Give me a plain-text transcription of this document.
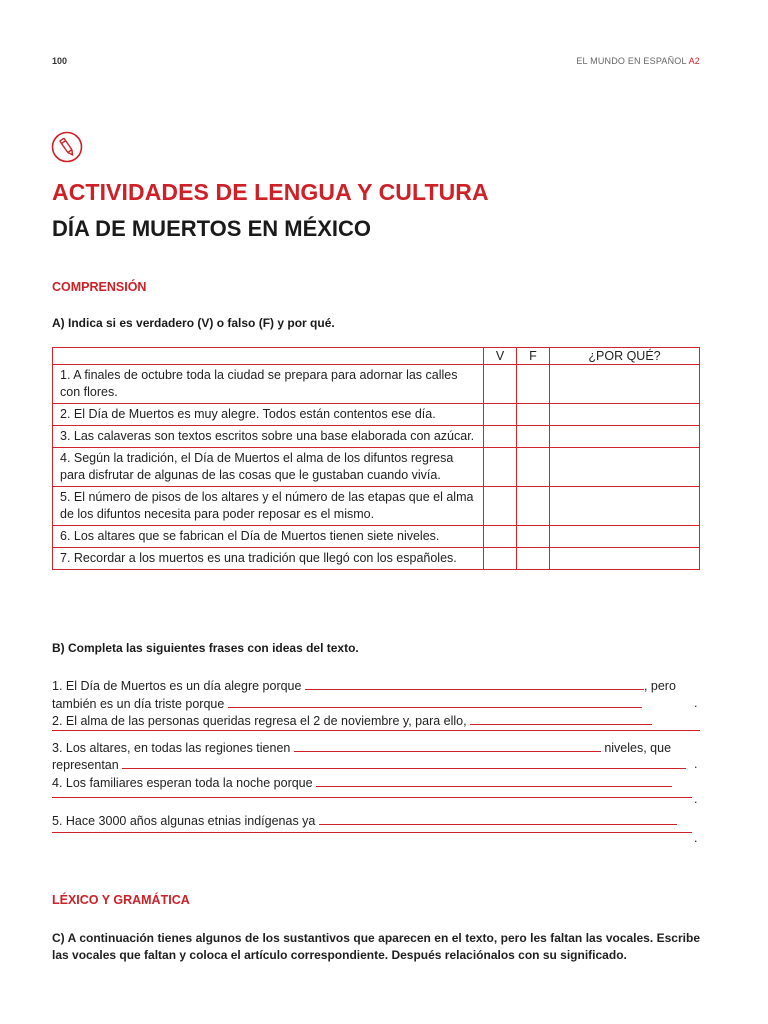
100	EL MUNDO EN ESPAÑOL A2
ACTIVIDADES DE LENGUA Y CULTURA
DÍA DE MUERTOS EN MÉXICO
COMPRENSIÓN
A) Indica si es verdadero (V) o falso (F) y por qué.
	V	F	¿POR QUÉ?
1. A finales de octubre toda la ciudad se prepara para adornar las calles con flores.			
2. El Día de Muertos es muy alegre. Todos están contentos ese día.			
3. Las calaveras son textos escritos sobre una base elaborada con azúcar.			
4. Según la tradición, el Día de Muertos el alma de los difuntos regresa para disfrutar de algunas de las cosas que le gustaban cuando vivía.			
5. El número de pisos de los altares y el número de las etapas que el alma de los difuntos necesita para poder reposar es el mismo.			
6. Los altares que se fabrican el Día de Muertos tienen siete niveles.			
7. Recordar a los muertos es una tradición que llegó con los españoles.			
B) Completa las siguientes frases con ideas del texto.
1. El Día de Muertos es un día alegre porque	, pero
también es un día triste porque	.
2. El alma de las personas queridas regresa el 2 de noviembre y, para ello,
3. Los altares, en todas las regiones tienen	niveles, que
representan	.
4. Los familiares esperan toda la noche porque
.
5. Hace 3000 años algunas etnias indígenas ya
.
LÉXICO Y GRAMÁTICA
C) A continuación tienes algunos de los sustantivos que aparecen en el texto, pero les faltan las vocales. Escribe las vocales que faltan y coloca el artículo correspondiente. Después relaciónalos con su significado.
